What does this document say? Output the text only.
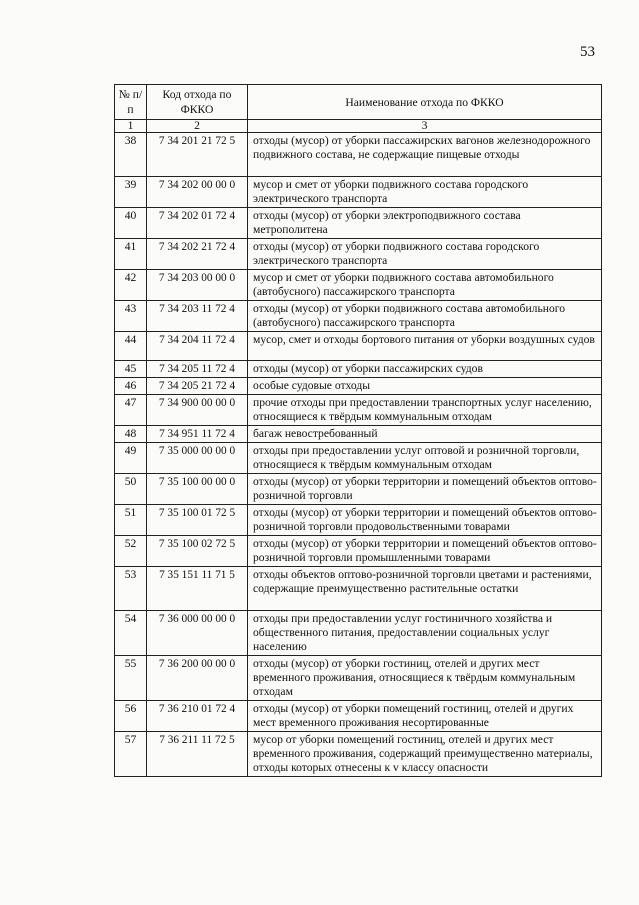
53
№ п/п	Код отхода по ФККО	Наименование отхода по ФККО
1	2	3
38	7 34 201 21 72 5	отходы (мусор) от уборки пассажирских вагонов железнодорожного подвижного состава, не содержащие пищевые отходы
39	7 34 202 00 00 0	мусор и смет от уборки подвижного состава городского электрического транспорта
40	7 34 202 01 72 4	отходы (мусор) от уборки электроподвижного состава метрополитена
41	7 34 202 21 72 4	отходы (мусор) от уборки подвижного состава городского электрического транспорта
42	7 34 203 00 00 0	мусор и смет от уборки подвижного состава автомобильного (автобусного) пассажирского транспорта
43	7 34 203 11 72 4	отходы (мусор) от уборки подвижного состава автомобильного (автобусного) пассажирского транспорта
44	7 34 204 11 72 4	мусор, смет и отходы бортового питания от уборки воздушных судов
45	7 34 205 11 72 4	отходы (мусор) от уборки пассажирских судов
46	7 34 205 21 72 4	особые судовые отходы
47	7 34 900 00 00 0	прочие отходы при предоставлении транспортных услуг населению, относящиеся к твёрдым коммунальным отходам
48	7 34 951 11 72 4	багаж невостребованный
49	7 35 000 00 00 0	отходы при предоставлении услуг оптовой и розничной торговли, относящиеся к твёрдым коммунальным отходам
50	7 35 100 00 00 0	отходы (мусор) от уборки территории и помещений объектов оптово-розничной торговли
51	7 35 100 01 72 5	отходы (мусор) от уборки территории и помещений объектов оптово-розничной торговли продовольственными товарами
52	7 35 100 02 72 5	отходы (мусор) от уборки территории и помещений объектов оптово-розничной торговли промышленными товарами
53	7 35 151 11 71 5	отходы объектов оптово-розничной торговли цветами и растениями, содержащие преимущественно растительные остатки
54	7 36 000 00 00 0	отходы при предоставлении услуг гостиничного хозяйства и общественного питания, предоставлении социальных услуг населению
55	7 36 200 00 00 0	отходы (мусор) от уборки гостиниц, отелей и других мест временного проживания, относящиеся к твёрдым коммунальным отходам
56	7 36 210 01 72 4	отходы (мусор) от уборки помещений гостиниц, отелей и других мест временного проживания несортированные
57	7 36 211 11 72 5	мусор от уборки помещений гостиниц, отелей и других мест временного проживания, содержащий преимущественно материалы, отходы которых отнесены к v классу опасности
